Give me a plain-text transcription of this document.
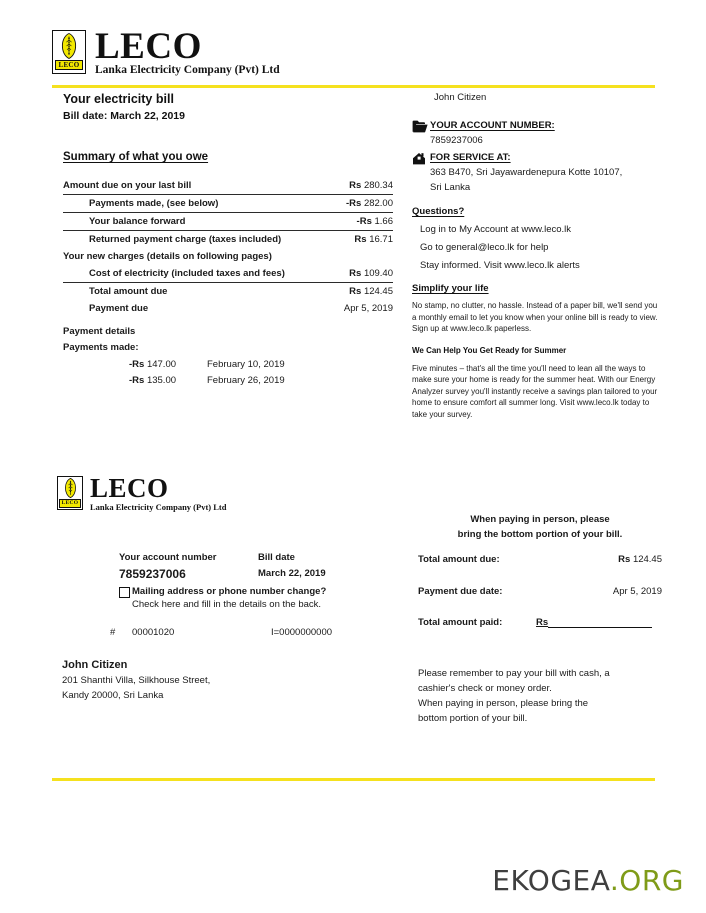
LECO LECO
Lanka Electricity Company (Pvt) Ltd
Your electricity bill
Bill date: March 22, 2019
Summary of what you owe
Amount due on your last bill	Rs 280.34
Payments made, (see below)	-Rs 282.00
Your balance forward	-Rs 1.66
Returned payment charge (taxes included)	Rs 16.71
Your new charges (details on following pages)	
Cost of electricity (included taxes and fees)	Rs 109.40
Total amount due	Rs 124.45
Payment due	Apr 5, 2019
Payment details
Payments made:
-Rs 147.00	February 10, 2019
-Rs 135.00	February 26, 2019
John Citizen
YOUR ACCOUNT NUMBER:
7859237006
FOR SERVICE AT:
363 B470, Sri Jayawardenepura Kotte 10107,
Sri Lanka
Questions?
Log in to My Account at www.leco.lk
Go to general@leco.lk for help
Stay informed. Visit www.leco.lk alerts
Simplify your life
No stamp, no clutter, no hassle. Instead of a paper bill, we'll send you a monthly email to let you know when your online bill is ready to view. Sign up at www.leco.lk paperless.
We Can Help You Get Ready for Summer
Five minutes – that's all the time you'll need to lean all the ways to make sure your home is ready for the summer heat. With our Energy Analyzer survey you'll instantly receive a savings plan tailored to your home to ensure comfort all summer long. Visit www.leco.lk today to take your survey.
LECO LECO
Lanka Electricity Company (Pvt) Ltd
Your account number
7859237006
Bill date
March 22, 2019
Mailing address or phone number change?
Check here and fill in the details on the back.
#	00001020	I=0000000000
John Citizen
201 Shanthi Villa, Silkhouse Street,
Kandy 20000, Sri Lanka
When paying in person, please
bring the bottom portion of your bill.
Total amount due:	Rs 124.45
Payment due date:	Apr 5, 2019
Total amount paid:	Rs
Please remember to pay your bill with cash, a
cashier's check or money order.
When paying in person, please bring the
bottom portion of your bill.
EKOGEA.ORG
